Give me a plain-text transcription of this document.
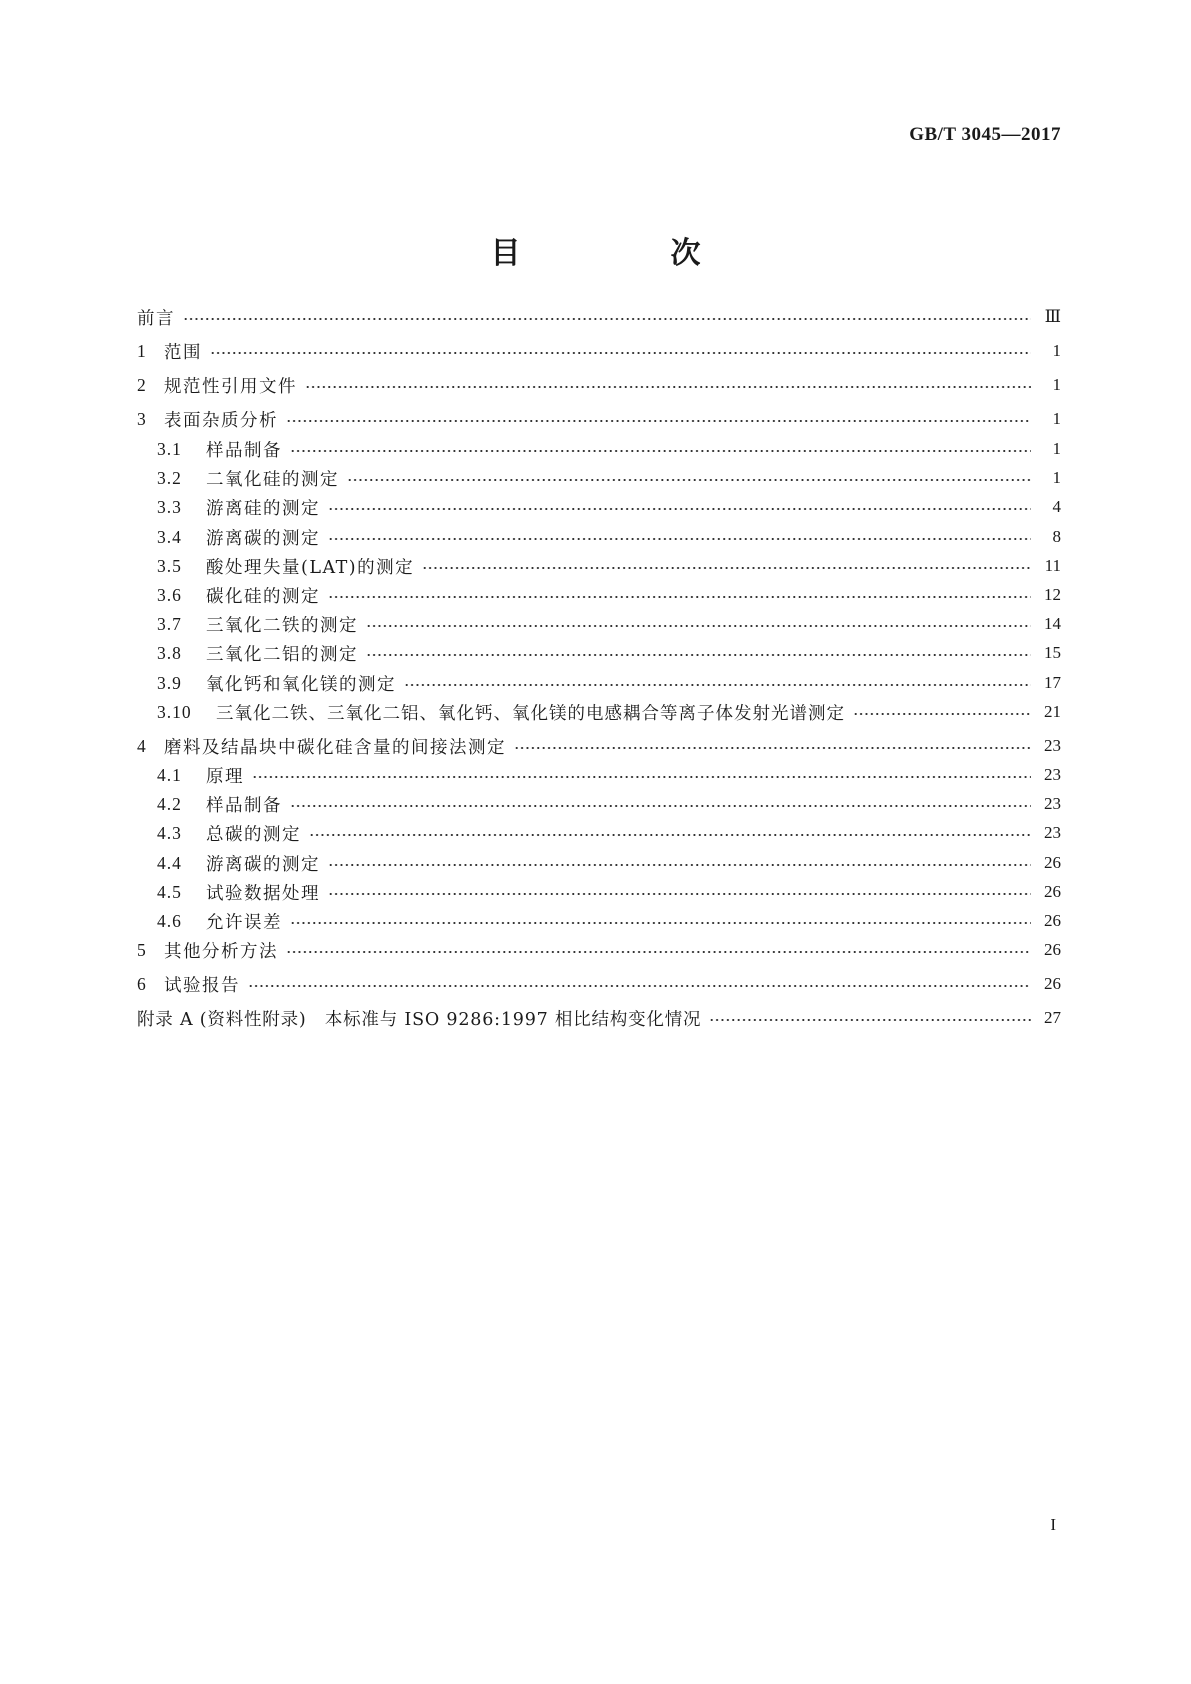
GB/T 3045—2017
目　次
前言	Ⅲ
1 范围	1
2 规范性引用文件	1
3 表面杂质分析	1
3.1	样品制备	1
3.2	二氧化硅的测定	1
3.3	游离硅的测定	4
3.4	游离碳的测定	8
3.5	酸处理失量(LAT)的测定	11
3.6	碳化硅的测定	12
3.7	三氧化二铁的测定	14
3.8	三氧化二铝的测定	15
3.9	氧化钙和氧化镁的测定	17
3.10	三氧化二铁、三氧化二铝、氧化钙、氧化镁的电感耦合等离子体发射光谱测定	21
4 磨料及结晶块中碳化硅含量的间接法测定	23
4.1	原理	23
4.2	样品制备	23
4.3	总碳的测定	23
4.4	游离碳的测定	26
4.5	试验数据处理	26
4.6	允许误差	26
5 其他分析方法	26
6 试验报告	26
附录 A (资料性附录)　本标准与 ISO 9286:1997 相比结构变化情况	27
I
